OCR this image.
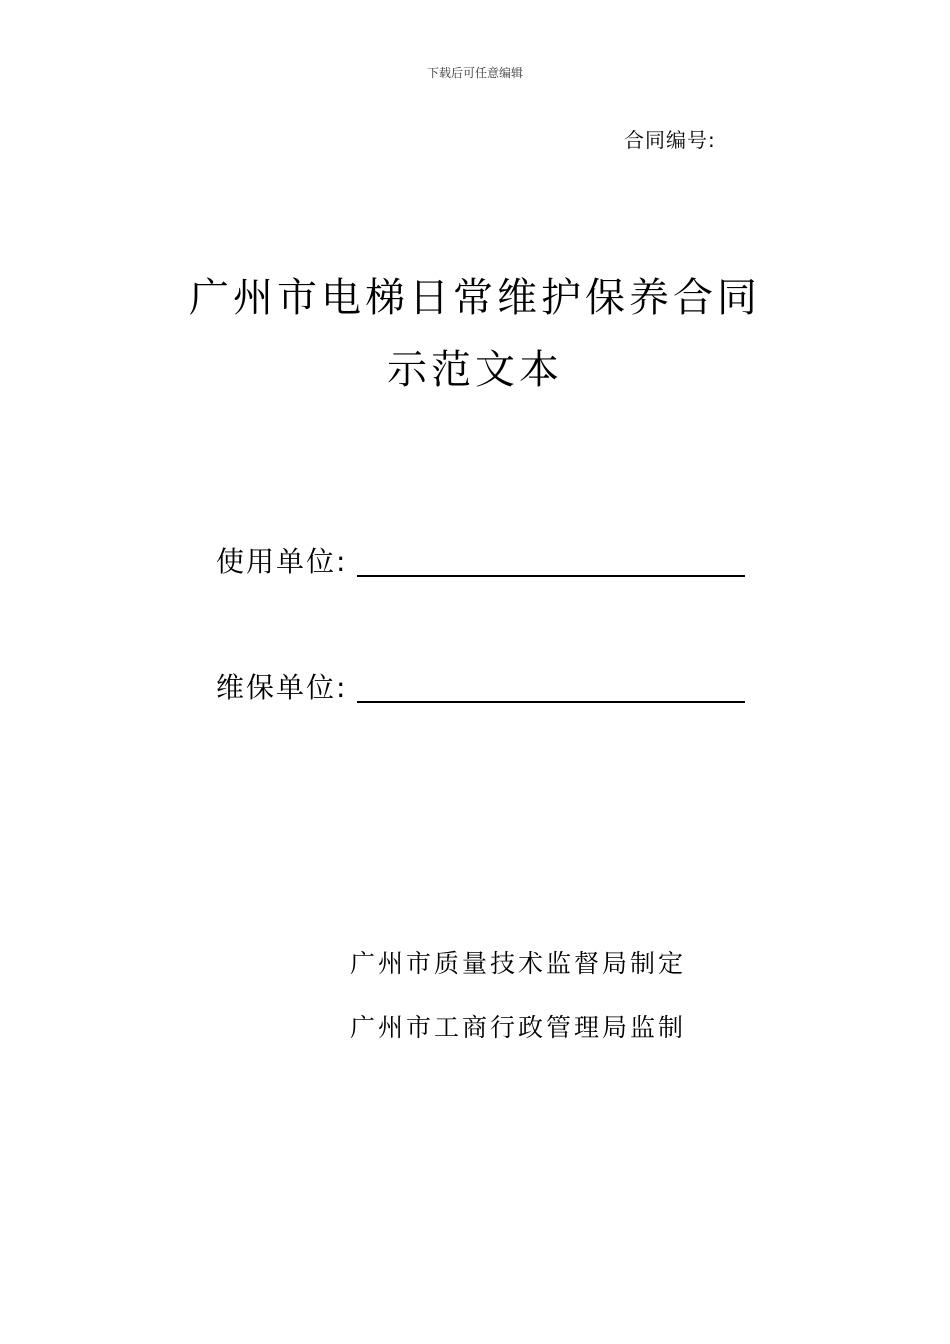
下载后可任意编辑
合同编号:
广州市电梯日常维护保养合同
示范文本
使用单位:
维保单位:
广州市质量技术监督局制定
广州市工商行政管理局监制
